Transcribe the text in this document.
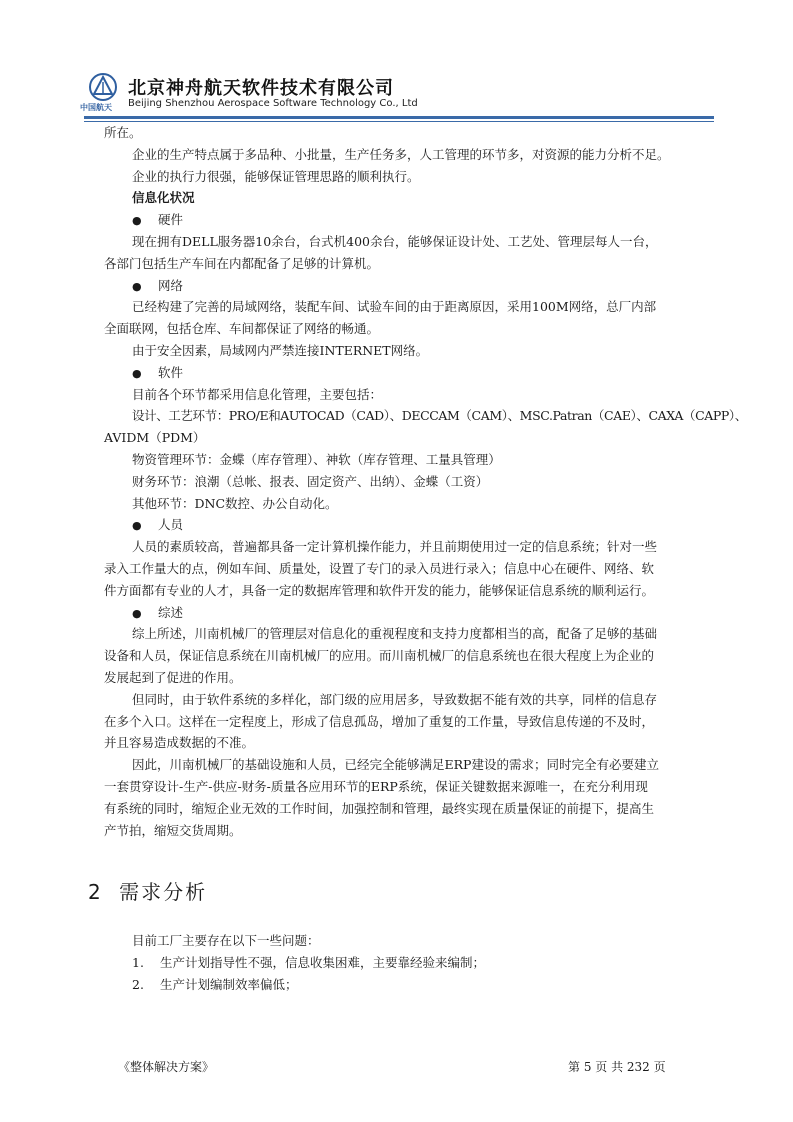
中国航天
北京神舟航天软件技术有限公司
Beijing Shenzhou Aerospace Software Technology Co., Ltd
所在。
企业的生产特点属于多品种、小批量，生产任务多，人工管理的环节多，对资源的能力分析不足。
企业的执行力很强，能够保证管理思路的顺利执行。
信息化状况
● 硬件
现在拥有DELL服务器10余台，台式机400余台，能够保证设计处、工艺处、管理层每人一台，
各部门包括生产车间在内都配备了足够的计算机。
● 网络
已经构建了完善的局域网络，装配车间、试验车间的由于距离原因，采用100M网络，总厂内部
全面联网，包括仓库、车间都保证了网络的畅通。
由于安全因素，局域网内严禁连接INTERNET网络。
● 软件
目前各个环节都采用信息化管理，主要包括：
设计、工艺环节：PRO/E和AUTOCAD（CAD）、DECCAM（CAM）、MSC.Patran（CAE）、CAXA（CAPP）、
AVIDM（PDM）
物资管理环节：金蝶（库存管理）、神软（库存管理、工量具管理）
财务环节：浪潮（总帐、报表、固定资产、出纳）、金蝶（工资）
其他环节：DNC数控、办公自动化。
● 人员
人员的素质较高，普遍都具备一定计算机操作能力，并且前期使用过一定的信息系统；针对一些
录入工作量大的点，例如车间、质量处，设置了专门的录入员进行录入；信息中心在硬件、网络、软
件方面都有专业的人才，具备一定的数据库管理和软件开发的能力，能够保证信息系统的顺利运行。
● 综述
综上所述，川南机械厂的管理层对信息化的重视程度和支持力度都相当的高，配备了足够的基础
设备和人员，保证信息系统在川南机械厂的应用。而川南机械厂的信息系统也在很大程度上为企业的
发展起到了促进的作用。
但同时，由于软件系统的多样化，部门级的应用居多，导致数据不能有效的共享，同样的信息存
在多个入口。这样在一定程度上，形成了信息孤岛，增加了重复的工作量，导致信息传递的不及时，
并且容易造成数据的不准。
因此，川南机械厂的基础设施和人员，已经完全能够满足ERP建设的需求；同时完全有必要建立
一套贯穿设计-生产-供应-财务-质量各应用环节的ERP系统，保证关键数据来源唯一，在充分利用现
有系统的同时，缩短企业无效的工作时间，加强控制和管理，最终实现在质量保证的前提下，提高生
产节拍，缩短交货周期。
2 需求分析
目前工厂主要存在以下一些问题：
1. 生产计划指导性不强，信息收集困难，主要靠经验来编制；
2. 生产计划编制效率偏低；
《整体解决方案》	第 5 页 共 232 页
